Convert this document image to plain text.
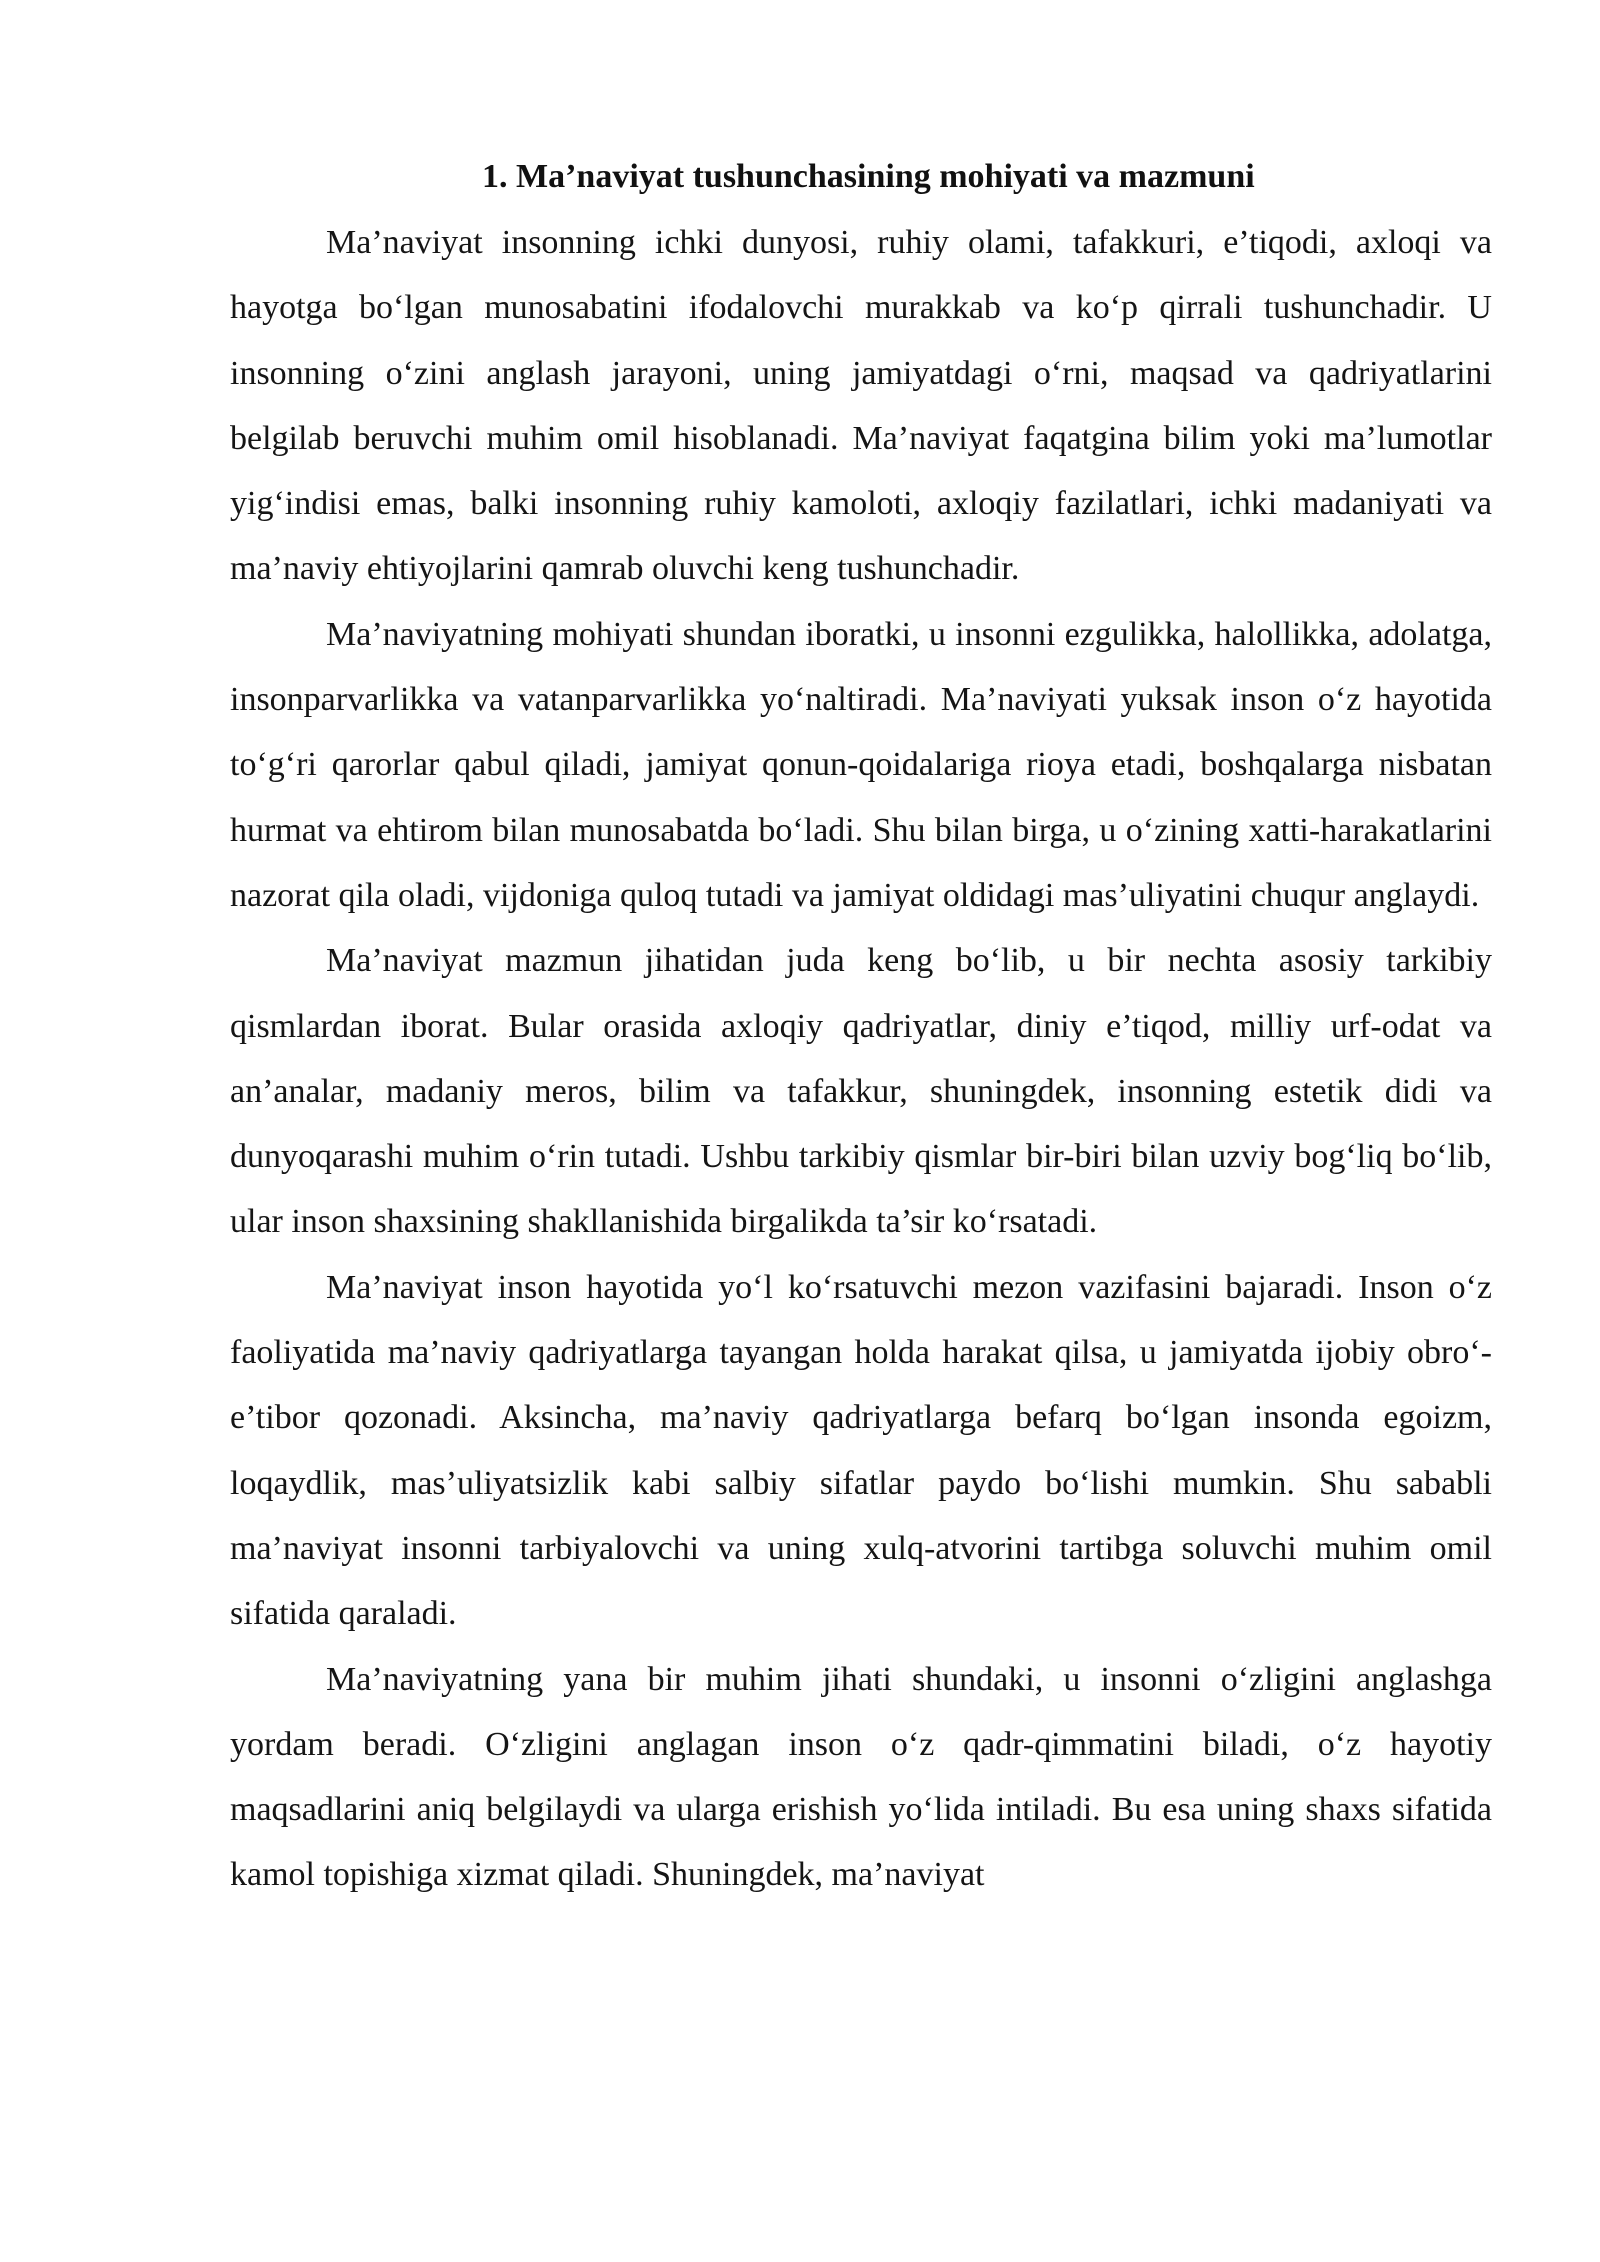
1. Ma’naviyat tushunchasining mohiyati va mazmuni

Ma’naviyat insonning ichki dunyosi, ruhiy olami, tafakkuri, e’tiqodi, axloqi va hayotga bo‘lgan munosabatini ifodalovchi murakkab va ko‘p qirrali tushunchadir. U insonning o‘zini anglash jarayoni, uning jamiyatdagi o‘rni, maqsad va qadriyatlarini belgilab beruvchi muhim omil hisoblanadi. Ma’naviyat faqatgina bilim yoki ma’lumotlar yig‘indisi emas, balki insonning ruhiy kamoloti, axloqiy fazilatlari, ichki madaniyati va ma’naviy ehtiyojlarini qamrab oluvchi keng tushunchadir.

Ma’naviyatning mohiyati shundan iboratki, u insonni ezgulikka, halollikka, adolatga, insonparvarlikka va vatanparvarlikka yo‘naltiradi. Ma’naviyati yuksak inson o‘z hayotida to‘g‘ri qarorlar qabul qiladi, jamiyat qonun-qoidalariga rioya etadi, boshqalarga nisbatan hurmat va ehtirom bilan munosabatda bo‘ladi. Shu bilan birga, u o‘zining xatti-harakatlarini nazorat qila oladi, vijdoniga quloq tutadi va jamiyat oldidagi mas’uliyatini chuqur anglaydi.

Ma’naviyat mazmun jihatidan juda keng bo‘lib, u bir nechta asosiy tarkibiy qismlardan iborat. Bular orasida axloqiy qadriyatlar, diniy e’tiqod, milliy urf-odat va an’analar, madaniy meros, bilim va tafakkur, shuningdek, insonning estetik didi va dunyoqarashi muhim o‘rin tutadi. Ushbu tarkibiy qismlar bir-biri bilan uzviy bog‘liq bo‘lib, ular inson shaxsining shakllanishida birgalikda ta’sir ko‘rsatadi.

Ma’naviyat inson hayotida yo‘l ko‘rsatuvchi mezon vazifasini bajaradi. Inson o‘z faoliyatida ma’naviy qadriyatlarga tayangan holda harakat qilsa, u jamiyatda ijobiy obro‘-e’tibor qozonadi. Aksincha, ma’naviy qadriyatlarga befarq bo‘lgan insonda egoizm, loqaydlik, mas’uliyatsizlik kabi salbiy sifatlar paydo bo‘lishi mumkin. Shu sababli ma’naviyat insonni tarbiyalovchi va uning xulq-atvorini tartibga soluvchi muhim omil sifatida qaraladi.

Ma’naviyatning yana bir muhim jihati shundaki, u insonni o‘zligini anglashga yordam beradi. O‘zligini anglagan inson o‘z qadr-qimmatini biladi, o‘z hayotiy maqsadlarini aniq belgilaydi va ularga erishish yo‘lida intiladi. Bu esa uning shaxs sifatida kamol topishiga xizmat qiladi. Shuningdek, ma’naviyat
